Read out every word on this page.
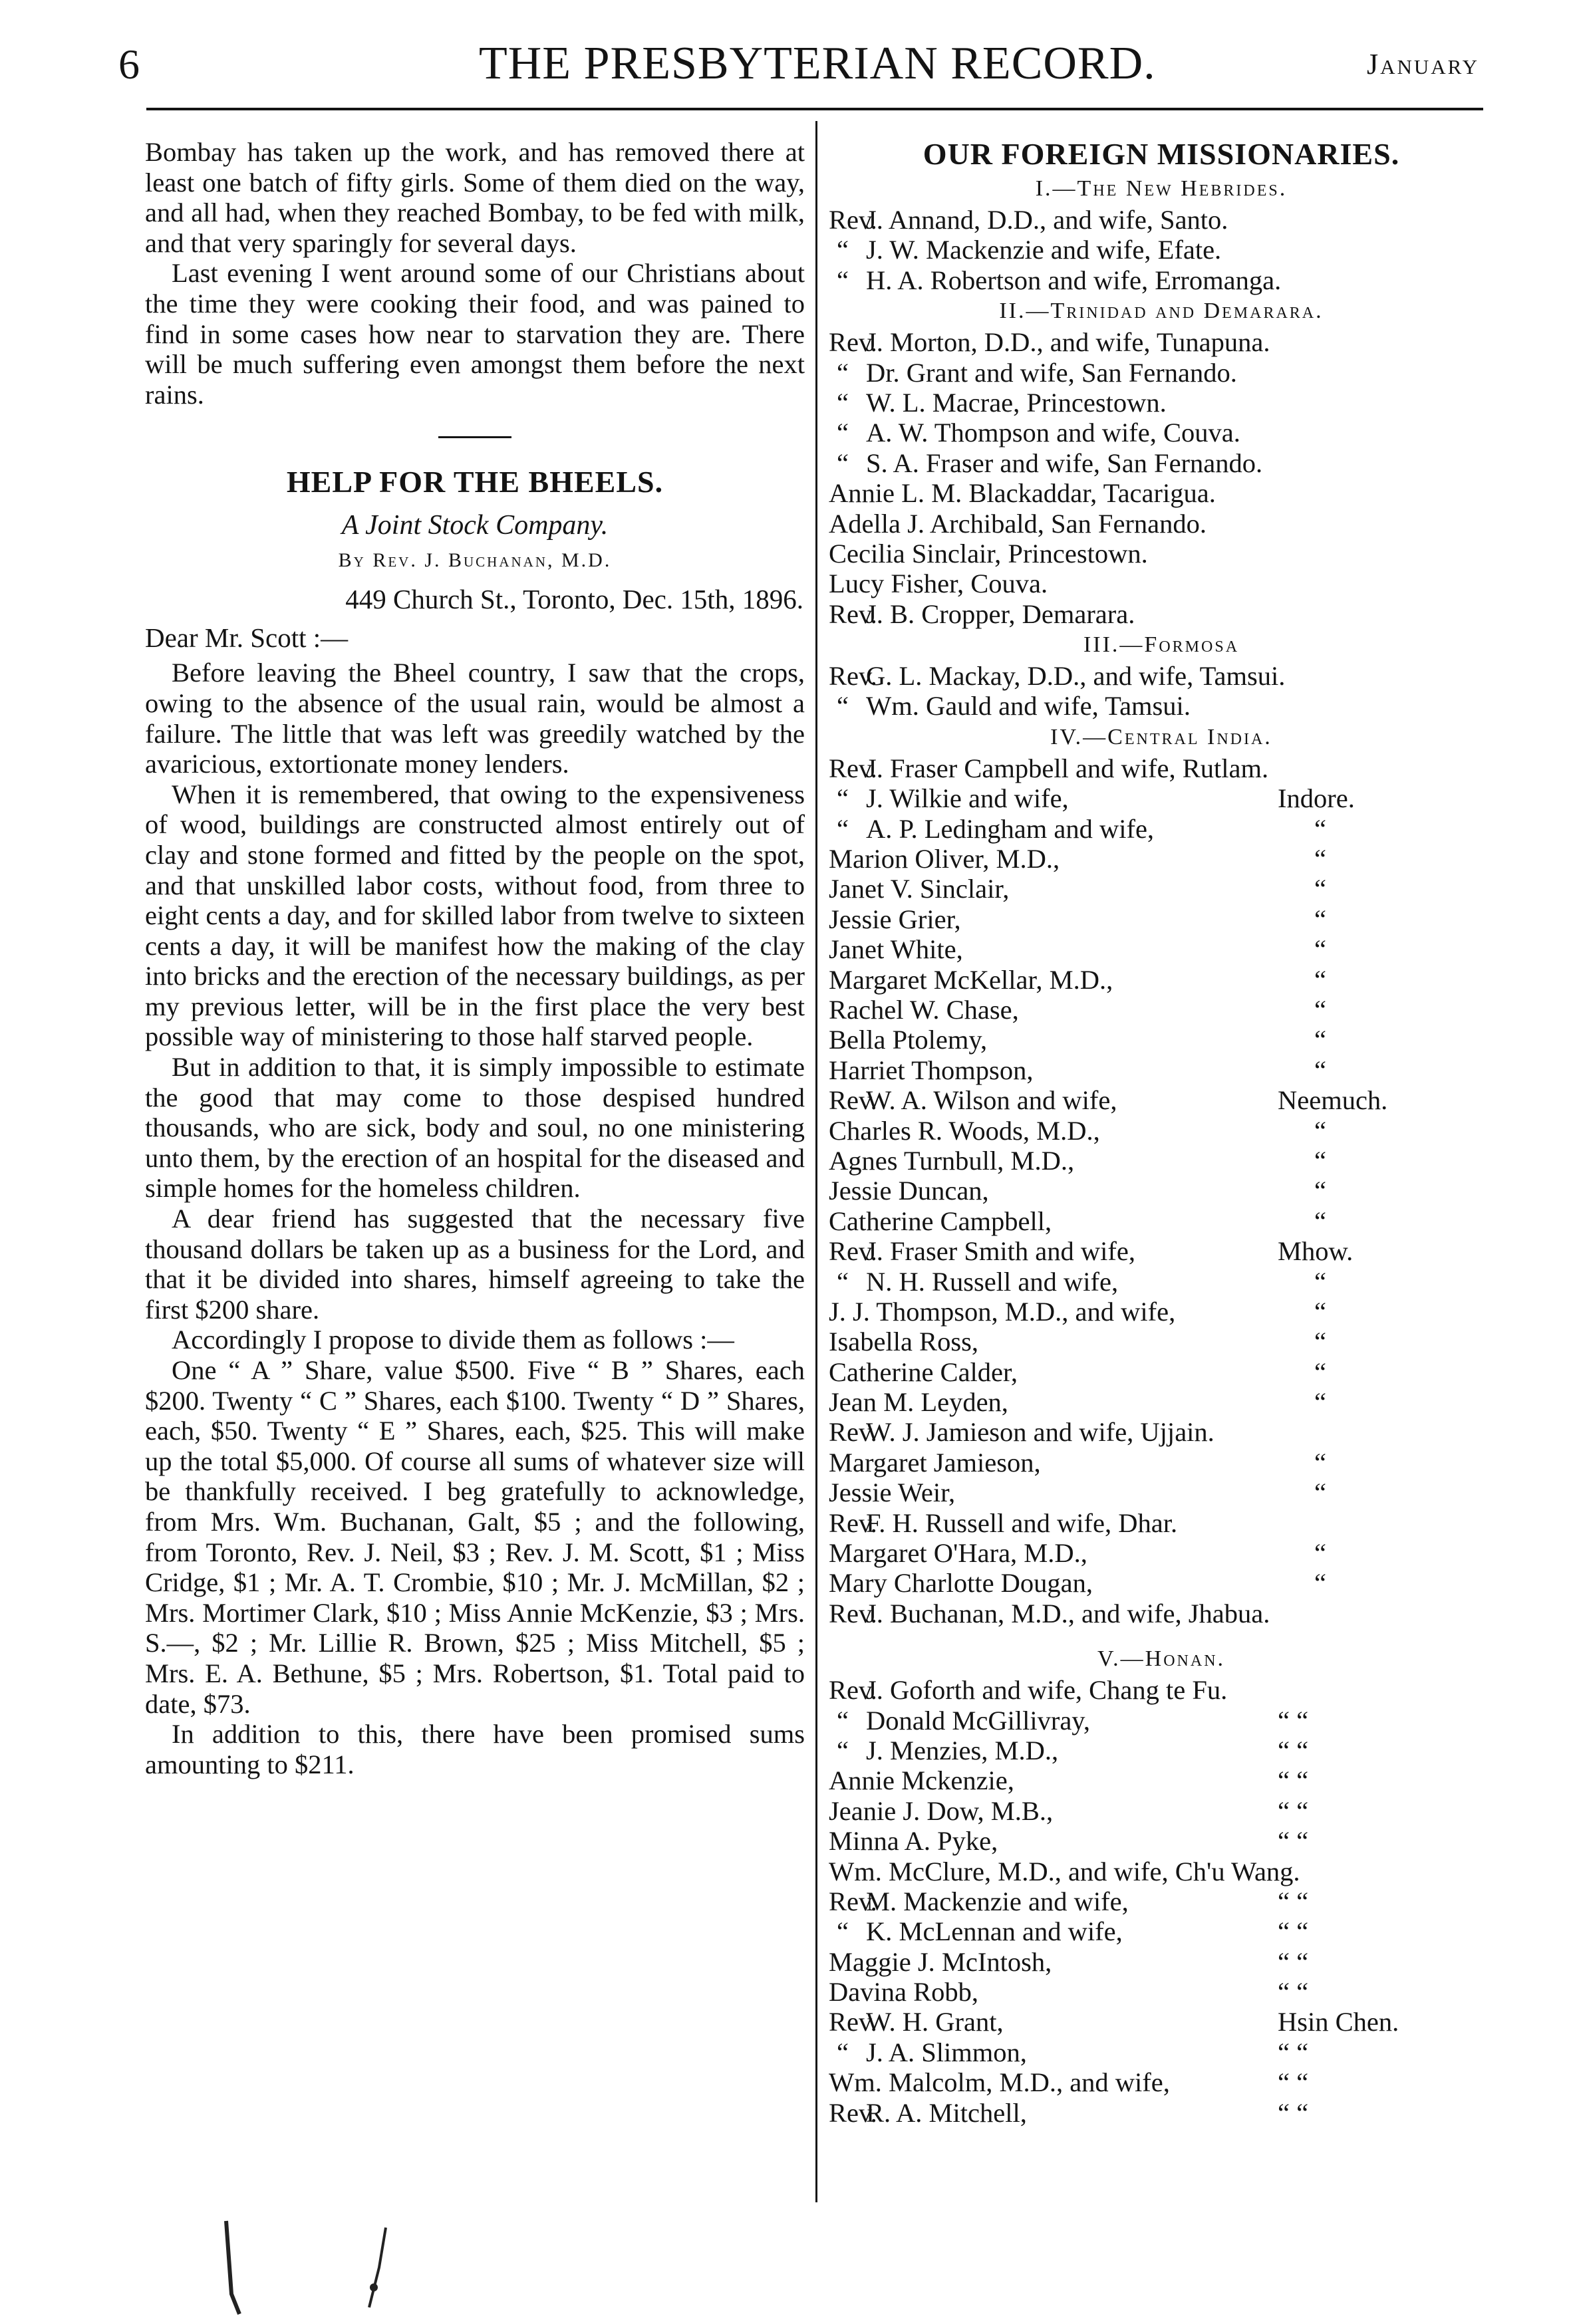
6	THE PRESBYTERIAN RECORD.	January

Bombay has taken up the work, and has removed there at least one batch of fifty girls. Some of them died on the way, and all had, when they reached Bombay, to be fed with milk, and that very sparingly for several days.

Last evening I went around some of our Christians about the time they were cooking their food, and was pained to find in some cases how near to starvation they are. There will be much suffering even amongst them before the next rains.

HELP FOR THE BHEELS.
A Joint Stock Company.
By Rev. J. Buchanan, M.D.
449 Church St., Toronto, Dec. 15th, 1896.
Dear Mr. Scott :—

Before leaving the Bheel country, I saw that the crops, owing to the absence of the usual rain, would be almost a failure. The little that was left was greedily watched by the avaricious, extortionate money lenders.

When it is remembered, that owing to the expensiveness of wood, buildings are constructed almost entirely out of clay and stone formed and fitted by the people on the spot, and that unskilled labor costs, without food, from three to eight cents a day, and for skilled labor from twelve to sixteen cents a day, it will be manifest how the making of the clay into bricks and the erection of the necessary buildings, as per my previous letter, will be in the first place the very best possible way of ministering to those half starved people.

But in addition to that, it is simply impossible to estimate the good that may come to those despised hundred thousands, who are sick, body and soul, no one ministering unto them, by the erection of an hospital for the diseased and simple homes for the homeless children.

A dear friend has suggested that the necessary five thousand dollars be taken up as a business for the Lord, and that it be divided into shares, himself agreeing to take the first $200 share.

Accordingly I propose to divide them as follows :—

One “ A ” Share, value $500. Five “ B ” Shares, each $200. Twenty “ C ” Shares, each $100. Twenty “ D ” Shares, each, $50. Twenty “ E ” Shares, each, $25. This will make up the total $5,000. Of course all sums of whatever size will be thankfully received. I beg gratefully to acknowledge, from Mrs. Wm. Buchanan, Galt, $5 ; and the following, from Toronto, Rev. J. Neil, $3 ; Rev. J. M. Scott, $1 ; Miss Cridge, $1 ; Mr. A. T. Crombie, $10 ; Mr. J. McMillan, $2 ; Mrs. Mortimer Clark, $10 ; Miss Annie McKenzie, $3 ; Mrs. S.—, $2 ; Mr. Lillie R. Brown, $25 ; Miss Mitchell, $5 ; Mrs. E. A. Bethune, $5 ; Mrs. Robertson, $1. Total paid to date, $73.

In addition to this, there have been promised sums amounting to $211.

OUR FOREIGN MISSIONARIES.
I.—The New Hebrides.
Rev.J. Annand, D.D., and wife, Santo.
“ J. W. Mackenzie and wife, Efate.
“ H. A. Robertson and wife, Erromanga.
II.—Trinidad and Demarara.
Rev.J. Morton, D.D., and wife, Tunapuna.
“ Dr. Grant and wife, San Fernando.
“ W. L. Macrae, Princestown.
“ A. W. Thompson and wife, Couva.
“ S. A. Fraser and wife, San Fernando.
Annie L. M. Blackaddar, Tacarigua.
Adella J. Archibald, San Fernando.
Cecilia Sinclair, Princestown.
Lucy Fisher, Couva.
Rev.J. B. Cropper, Demarara.
III.—Formosa
Rev.G. L. Mackay, D.D., and wife, Tamsui.
“ Wm. Gauld and wife, Tamsui.
IV.—Central India.
Rev.J. Fraser Campbell and wife, Rutlam.
“ J. Wilkie and wife,	Indore.
“ A. P. Ledingham and wife,	“
Marion Oliver, M.D.,	“
Janet V. Sinclair,	“
Jessie Grier,	“
Janet White,	“
Margaret McKellar, M.D.,	“
Rachel W. Chase,	“
Bella Ptolemy,	“
Harriet Thompson,	“
Rev.W. A. Wilson and wife,	Neemuch.
Charles R. Woods, M.D.,	“
Agnes Turnbull, M.D.,	“
Jessie Duncan,	“
Catherine Campbell,	“
Rev.J. Fraser Smith and wife,	Mhow.
“ N. H. Russell and wife,	“
J. J. Thompson, M.D., and wife,	“
Isabella Ross,	“
Catherine Calder,	“
Jean M. Leyden,	“
Rev.W. J. Jamieson and wife, Ujjain.
Margaret Jamieson,	“
Jessie Weir,	“
Rev.F. H. Russell and wife, Dhar.
Margaret O'Hara, M.D.,	“
Mary Charlotte Dougan,	“
Rev.J. Buchanan, M.D., and wife, Jhabua.
V.—Honan.
Rev.J. Goforth and wife, Chang te Fu.
“ Donald McGillivray,	“ “
“ J. Menzies, M.D.,	“ “
Annie Mckenzie,	“ “
Jeanie J. Dow, M.B.,	“ “
Minna A. Pyke,	“ “
Wm. McClure, M.D., and wife, Ch'u Wang.
Rev.M. Mackenzie and wife,	“ “
“ K. McLennan and wife,	“ “
Maggie J. McIntosh,	“ “
Davina Robb,	“ “
Rev.W. H. Grant,	Hsin Chen.
“ J. A. Slimmon,	“ “
Wm. Malcolm, M.D., and wife,	“ “
Rev.R. A. Mitchell,	“ “
